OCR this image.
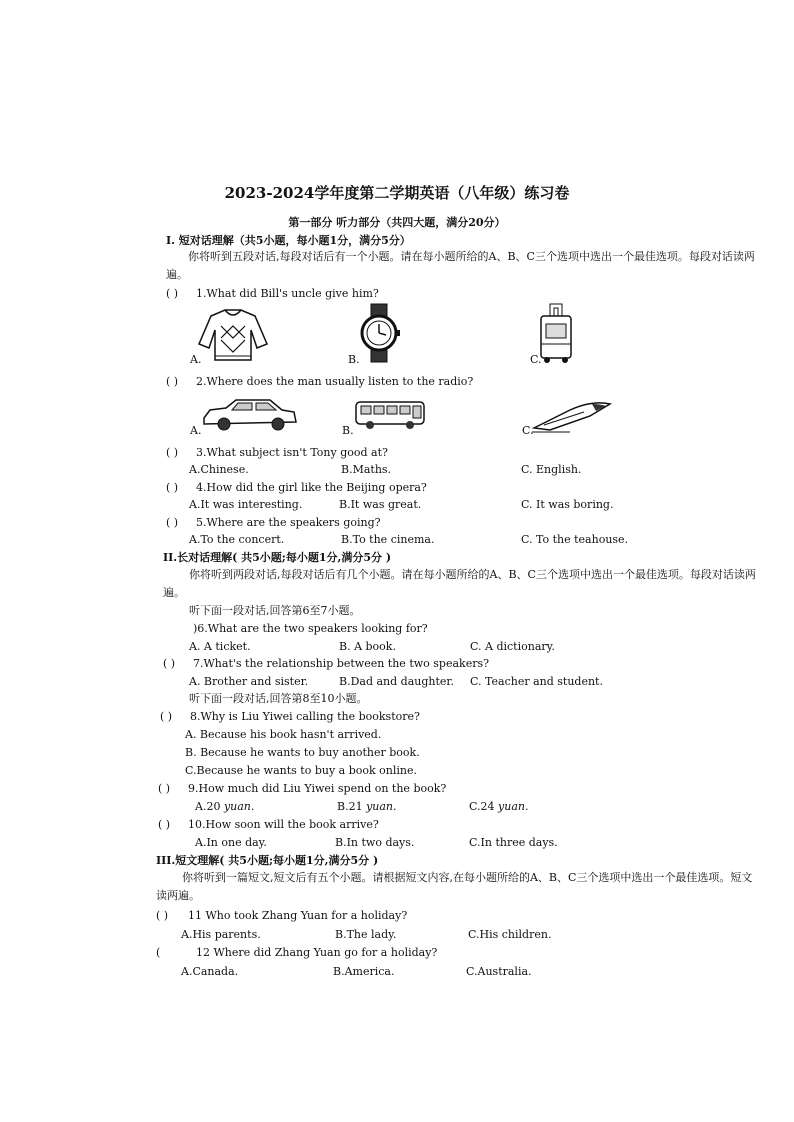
2023-2024学年度第二学期英语（八年级）练习卷
第一部分 听力部分（共四大题，满分20分）
I. 短对话理解（共5小题，每小题1分，满分5分）
你将听到五段对话,每段对话后有一个小题。请在每小题所给的A、B、C三个选项中选出一个最佳选项。每段对话读两遍。
( ) 1.What did Bill's uncle give him?
A.	B.	C.
( ) 2.Where does the man usually listen to the radio?
A.	B.	C.
( ) 3.What subject isn't Tony good at?
A.Chinese.	B.Maths.	C. English.
( ) 4.How did the girl like the Beijing opera?
A.It was interesting.	B.It was great.	C. It was boring.
( ) 5.Where are the speakers going?
A.To the concert.	B.To the cinema.	C. To the teahouse.
II.长对话理解( 共5小题;每小题1分,满分5分 )
你将听到两段对话,每段对话后有几个小题。请在每小题所给的A、B、C三个选项中选出一个最佳选项。每段对话读两遍。
听下面一段对话,回答第6至7小题。
)6.What are the two speakers looking for?
A. A ticket.	B. A book.	C. A dictionary.
( ) 7.What's the relationship between the two speakers?
A. Brother and sister.	B.Dad and daughter. C. Teacher and student.
听下面一段对话,回答第8至10小题。
( ) 8.Why is Liu Yiwei calling the bookstore?
A. Because his book hasn't arrived.
B. Because he wants to buy another book.
C.Because he wants to buy a book online.
( ) 9.How much did Liu Yiwei spend on the book?
A.20 yuan.	B.21 yuan.	C.24 yuan.
( ) 10.How soon will the book arrive?
A.In one day.	B.In two days.	C.In three days.
III.短文理解( 共5小题;每小题1分,满分5分 )
你将听到一篇短文,短文后有五个小题。请根据短文内容,在每小题所给的A、B、C三个选项中选出一个最佳选项。短文读两遍。
( ) 11 Who took Zhang Yuan for a holiday?
A.His parents.	B.The lady.	C.His children.
(	12 Where did Zhang Yuan go for a holiday?
A.Canada.	B.America.	C.Australia.
